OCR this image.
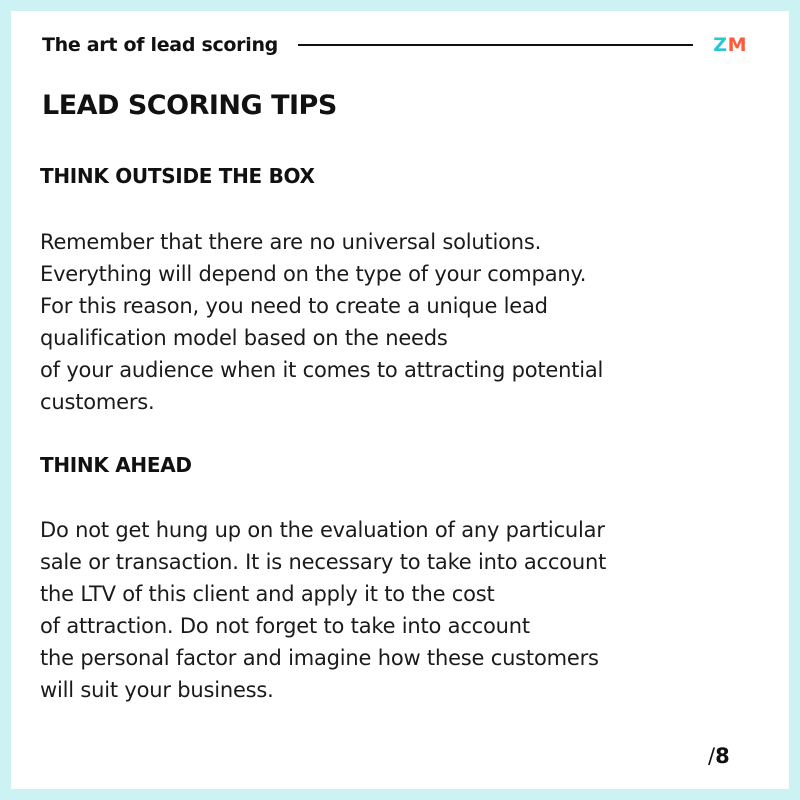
The art of lead scoring	ZM
LEAD SCORING TIPS
THINK OUTSIDE THE BOX

Remember that there are no universal solutions.
Everything will depend on the type of your company.
For this reason, you need to create a unique lead
qualification model based on the needs
of your audience when it comes to attracting potential
customers.

THINK AHEAD

Do not get hung up on the evaluation of any particular
sale or transaction. It is necessary to take into account
the LTV of this client and apply it to the cost
of attraction. Do not forget to take into account
the personal factor and imagine how these customers
will suit your business.

/8
